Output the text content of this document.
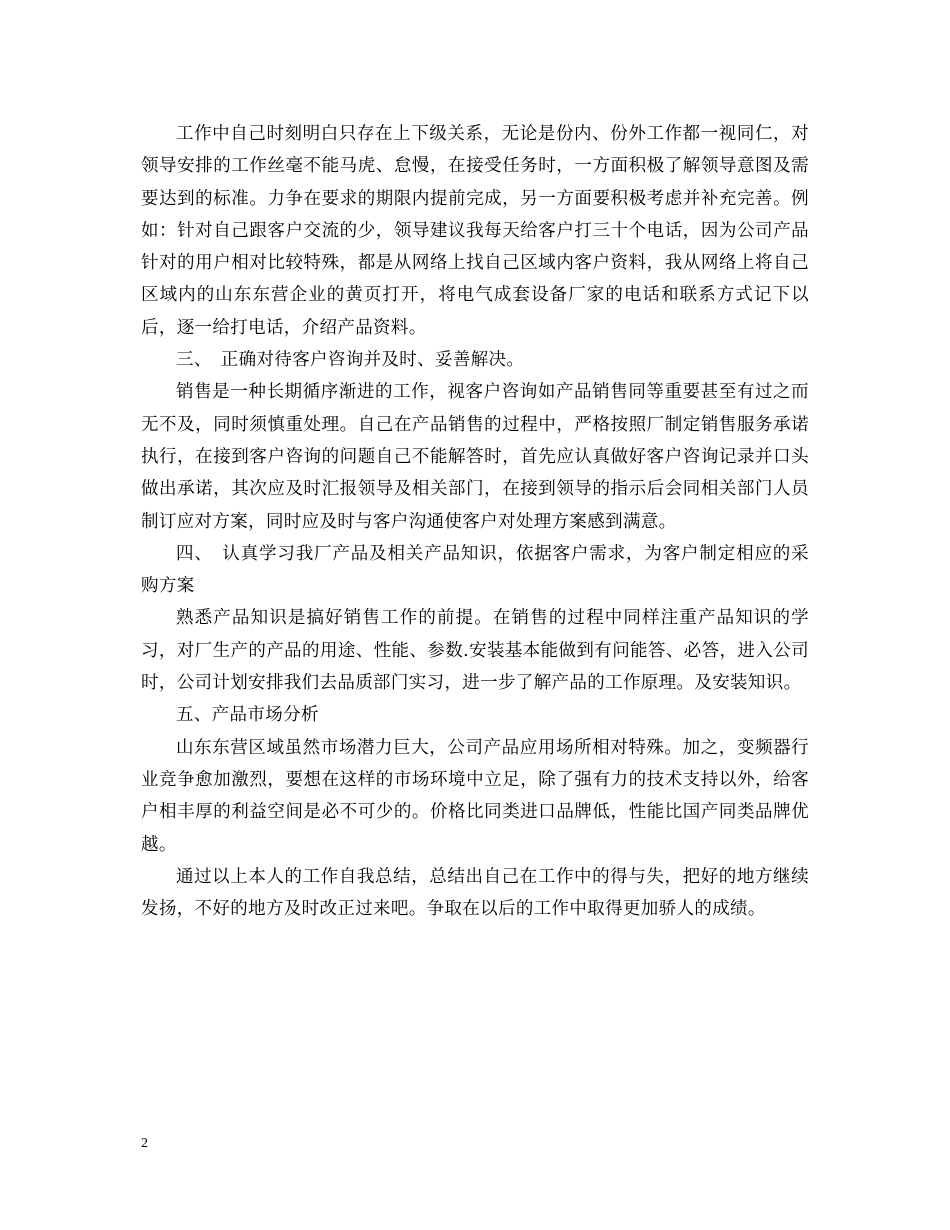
工作中自己时刻明白只存在上下级关系，无论是份内、份外工作都一视同仁，对领导安排的工作丝毫不能马虎、怠慢，在接受任务时，一方面积极了解领导意图及需要达到的标准。力争在要求的期限内提前完成，另一方面要积极考虑并补充完善。例如：针对自己跟客户交流的少，领导建议我每天给客户打三十个电话，因为公司产品针对的用户相对比较特殊，都是从网络上找自己区域内客户资料，我从网络上将自己区域内的山东东营企业的黄页打开，将电气成套设备厂家的电话和联系方式记下以后，逐一给打电话，介绍产品资料。

三、　正确对待客户咨询并及时、妥善解决。

销售是一种长期循序渐进的工作，视客户咨询如产品销售同等重要甚至有过之而无不及，同时须慎重处理。自己在产品销售的过程中，严格按照厂制定销售服务承诺执行，在接到客户咨询的问题自己不能解答时，首先应认真做好客户咨询记录并口头做出承诺，其次应及时汇报领导及相关部门，在接到领导的指示后会同相关部门人员制订应对方案，同时应及时与客户沟通使客户对处理方案感到满意。

四、　认真学习我厂产品及相关产品知识，依据客户需求，为客户制定相应的采购方案

熟悉产品知识是搞好销售工作的前提。在销售的过程中同样注重产品知识的学习，对厂生产的产品的用途、性能、参数.安装基本能做到有问能答、必答，进入公司时，公司计划安排我们去品质部门实习，进一步了解产品的工作原理。及安装知识。

五、产品市场分析

山东东营区域虽然市场潜力巨大，公司产品应用场所相对特殊。加之，变频器行业竞争愈加激烈，要想在这样的市场环境中立足，除了强有力的技术支持以外，给客户相丰厚的利益空间是必不可少的。价格比同类进口品牌低，性能比国产同类品牌优越。

通过以上本人的工作自我总结，总结出自己在工作中的得与失，把好的地方继续发扬，不好的地方及时改正过来吧。争取在以后的工作中取得更加骄人的成绩。

2
